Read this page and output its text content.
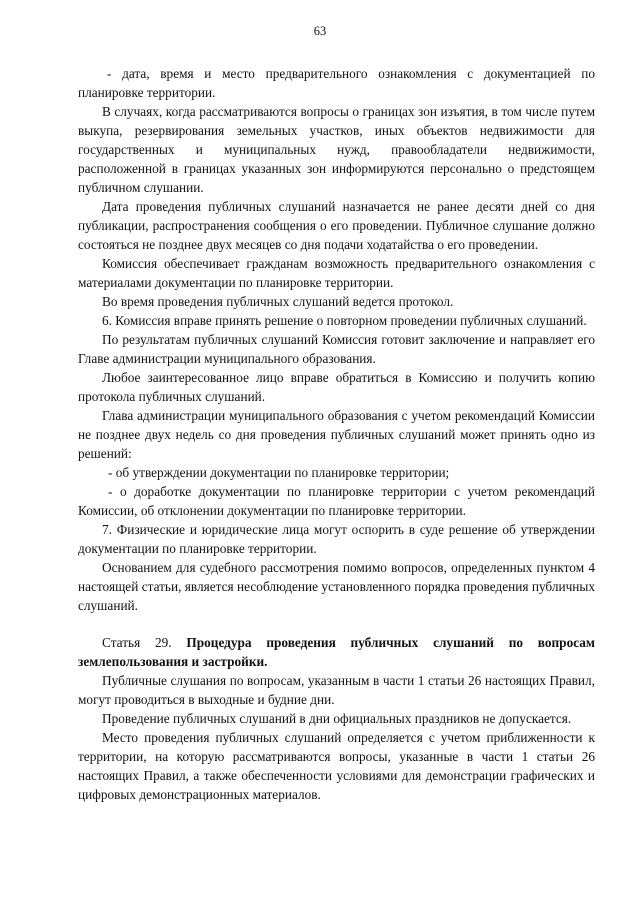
63

- дата, время и место предварительного ознакомления с документацией по планировке территории.

В случаях, когда рассматриваются вопросы о границах зон изъятия, в том числе путем выкупа, резервирования земельных участков, иных объектов недвижимости для государственных и муниципальных нужд, правообладатели недвижимости, расположенной в границах указанных зон информируются персонально о предстоящем публичном слушании.

Дата проведения публичных слушаний назначается не ранее десяти дней со дня публикации, распространения сообщения о его проведении. Публичное слушание должно состояться не позднее двух месяцев со дня подачи ходатайства о его проведении.

Комиссия обеспечивает гражданам возможность предварительного ознакомления с материалами документации по планировке территории.

Во время проведения публичных слушаний ведется протокол.

6. Комиссия вправе принять решение о повторном проведении публичных слушаний.

По результатам публичных слушаний Комиссия готовит заключение и направляет его Главе администрации муниципального образования.

Любое заинтересованное лицо вправе обратиться в Комиссию и получить копию протокола публичных слушаний.

Глава администрации муниципального образования с учетом рекомендаций Комиссии не позднее двух недель со дня проведения публичных слушаний может принять одно из решений:

- об утверждении документации по планировке территории;

- о доработке документации по планировке территории с учетом рекомендаций Комиссии, об отклонении документации по планировке территории.

7. Физические и юридические лица могут оспорить в суде решение об утверждении документации по планировке территории.

Основанием для судебного рассмотрения помимо вопросов, определенных пунктом 4 настоящей статьи, является несоблюдение установленного порядка проведения публичных слушаний.

Статья 29. Процедура проведения публичных слушаний по вопросам землепользования и застройки.

Публичные слушания по вопросам, указанным в части 1 статьи 26 настоящих Правил, могут проводиться в выходные и будние дни.

Проведение публичных слушаний в дни официальных праздников не допускается.

Место проведения публичных слушаний определяется с учетом приближенности к территории, на которую рассматриваются вопросы, указанные в части 1 статьи 26 настоящих Правил, а также обеспеченности условиями для демонстрации графических и цифровых демонстрационных материалов.
